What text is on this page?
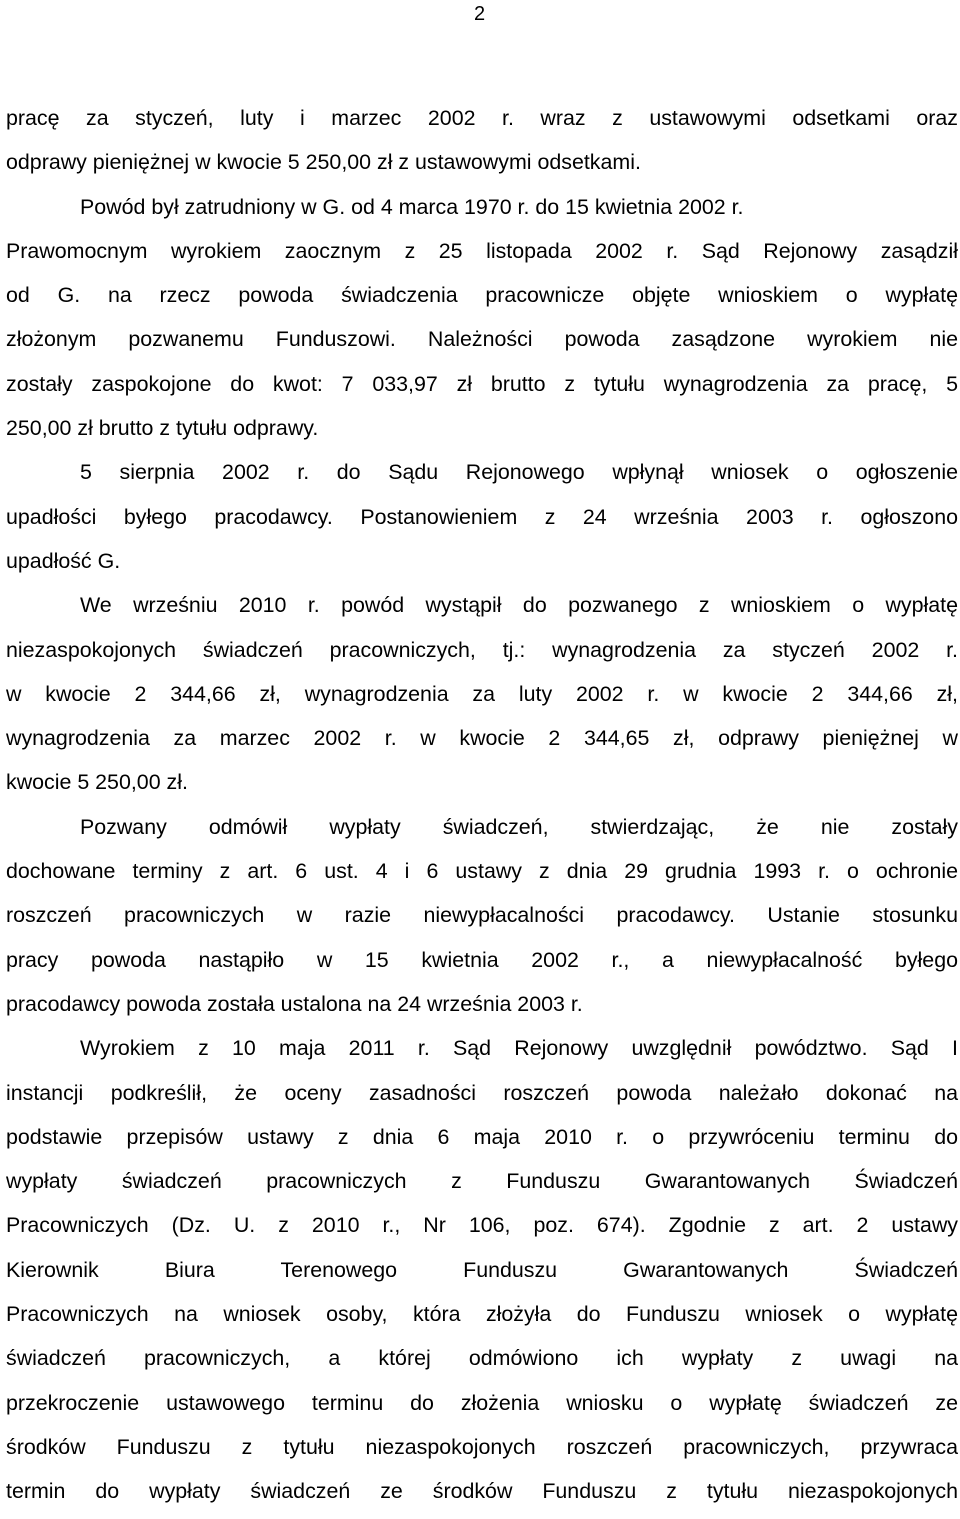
2
pracę za styczeń, luty i marzec 2002 r. wraz z ustawowymi odsetkami oraz
odprawy pieniężnej w kwocie 5 250,00 zł z ustawowymi odsetkami.
Powód był zatrudniony w G. od 4 marca 1970 r. do 15 kwietnia 2002 r.
Prawomocnym wyrokiem zaocznym z 25 listopada 2002 r. Sąd Rejonowy zasądził
od G. na rzecz powoda świadczenia pracownicze objęte wnioskiem o wypłatę
złożonym pozwanemu Funduszowi. Należności powoda zasądzone wyrokiem nie
zostały zaspokojone do kwot: 7 033,97 zł brutto z tytułu wynagrodzenia za pracę, 5
250,00 zł brutto z tytułu odprawy.
5 sierpnia 2002 r. do Sądu Rejonowego wpłynął wniosek o ogłoszenie
upadłości byłego pracodawcy. Postanowieniem z 24 września 2003 r. ogłoszono
upadłość G.
We wrześniu 2010 r. powód wystąpił do pozwanego z wnioskiem o wypłatę
niezaspokojonych świadczeń pracowniczych, tj.: wynagrodzenia za styczeń 2002 r.
w kwocie 2 344,66 zł, wynagrodzenia za luty 2002 r. w kwocie 2 344,66 zł,
wynagrodzenia za marzec 2002 r. w kwocie 2 344,65 zł, odprawy pieniężnej w
kwocie 5 250,00 zł.
Pozwany odmówił wypłaty świadczeń, stwierdzając, że nie zostały
dochowane terminy z art. 6 ust. 4 i 6 ustawy z dnia 29 grudnia 1993 r. o ochronie
roszczeń pracowniczych w razie niewypłacalności pracodawcy. Ustanie stosunku
pracy powoda nastąpiło w 15 kwietnia 2002 r., a niewypłacalność byłego
pracodawcy powoda została ustalona na 24 września 2003 r.
Wyrokiem z 10 maja 2011 r. Sąd Rejonowy uwzględnił powództwo. Sąd I
instancji podkreślił, że oceny zasadności roszczeń powoda należało dokonać na
podstawie przepisów ustawy z dnia 6 maja 2010 r. o przywróceniu terminu do
wypłaty świadczeń pracowniczych z Funduszu Gwarantowanych Świadczeń
Pracowniczych (Dz. U. z 2010 r., Nr 106, poz. 674). Zgodnie z art. 2 ustawy
Kierownik Biura Terenowego Funduszu Gwarantowanych Świadczeń
Pracowniczych na wniosek osoby, która złożyła do Funduszu wniosek o wypłatę
świadczeń pracowniczych, a której odmówiono ich wypłaty z uwagi na
przekroczenie ustawowego terminu do złożenia wniosku o wypłatę świadczeń ze
środków Funduszu z tytułu niezaspokojonych roszczeń pracowniczych, przywraca
termin do wypłaty świadczeń ze środków Funduszu z tytułu niezaspokojonych
